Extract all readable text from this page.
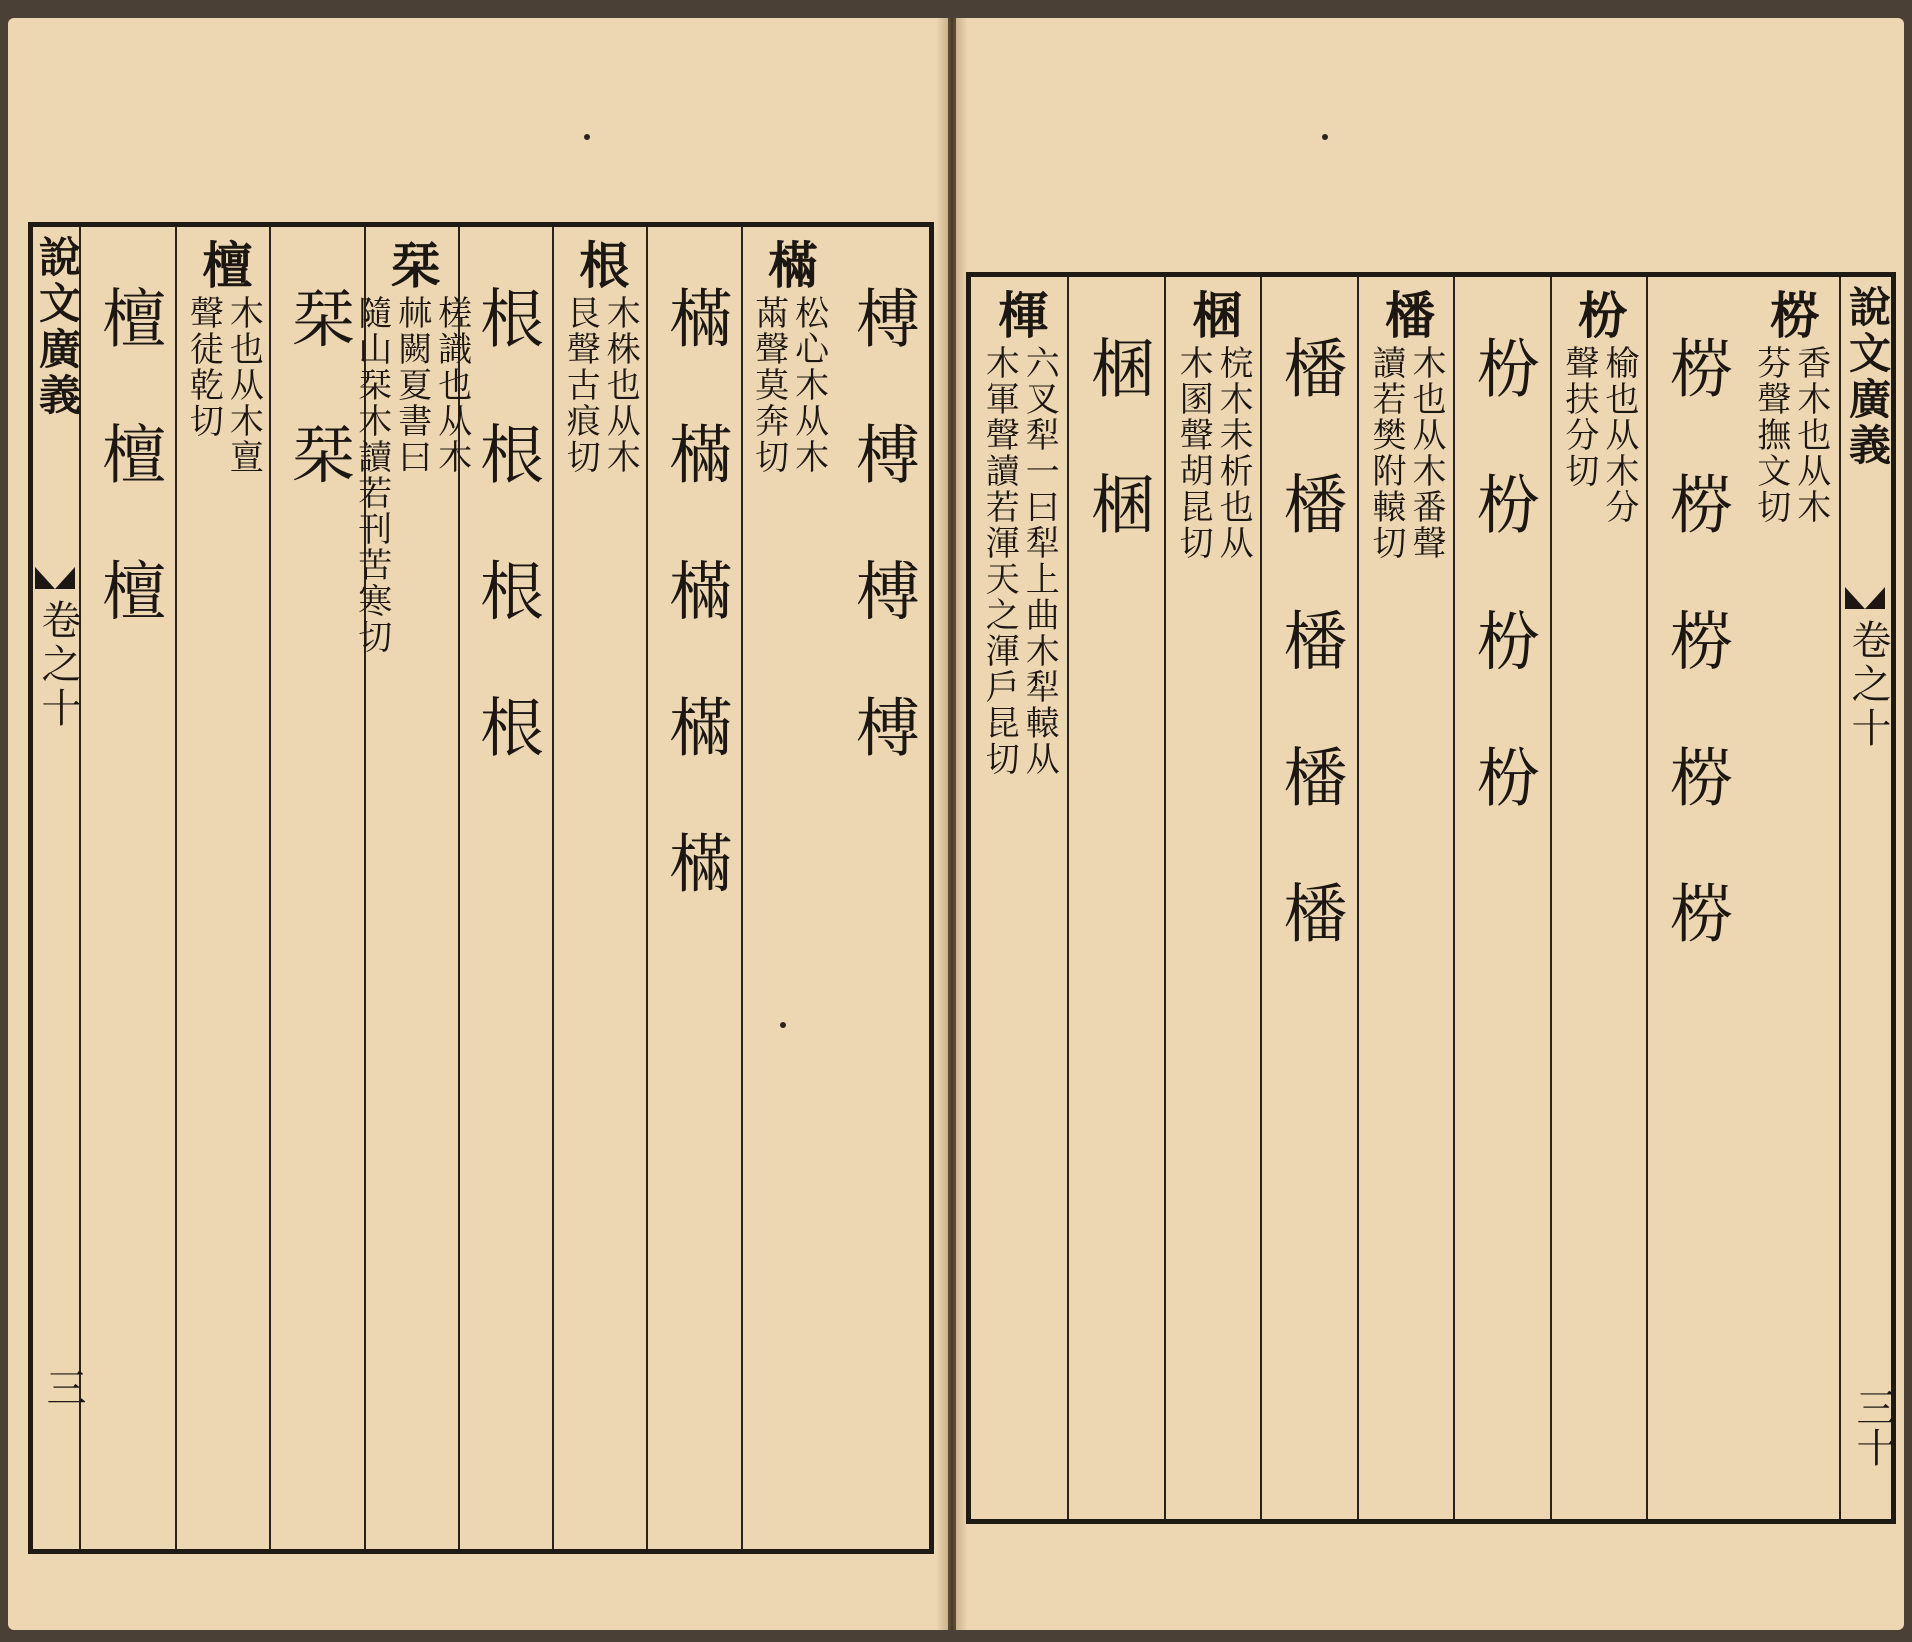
說文廣義
卷之十
三
榑 榑 榑 榑
樠
松心木从木
㒼聲莫奔切
樠 樠 樠 樠 樠
根
木株也从木
艮聲古痕切
根 根 根 根
栞
槎識也从木
𣏟闕夏書曰
隨山栞木讀若刊苦寒切
栞 栞
檀
木也从木亶
聲徒乾切
檀 檀 檀	梤
香木也从木
芬聲撫文切
梤 梤 梤 梤 梤
枌
榆也从木分
聲扶分切
枌 枌 枌 枌
橎
木也从木番聲
讀若樊附轅切
橎 橎 橎 橎 橎
棞
梡木未析也从
木圂聲胡昆切
棞 棞
楎
六叉犁一曰犁上曲木犁轅从
木軍聲讀若渾天之渾戶昆切	說文廣義
卷之十
三十
